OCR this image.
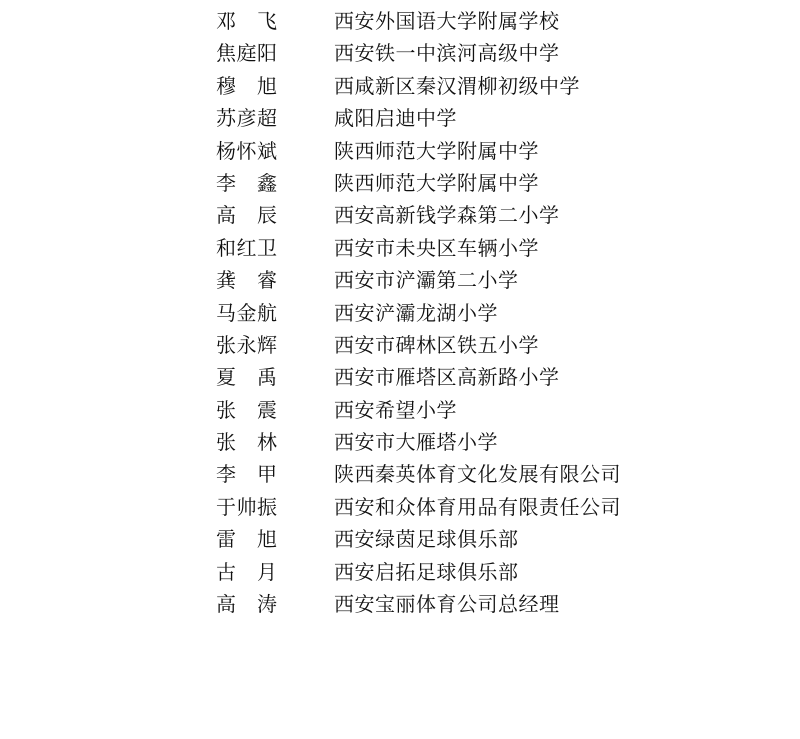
邓　飞	西安外国语大学附属学校
焦庭阳	西安铁一中滨河高级中学
穆　旭	西咸新区秦汉渭柳初级中学
苏彦超	咸阳启迪中学
杨怀斌	陕西师范大学附属中学
李　鑫	陕西师范大学附属中学
高　辰	西安高新钱学森第二小学
和红卫	西安市未央区车辆小学
龚　睿	西安市浐灞第二小学
马金航	西安浐灞龙湖小学
张永辉	西安市碑林区铁五小学
夏　禹	西安市雁塔区高新路小学
张　震	西安希望小学
张　林	西安市大雁塔小学
李　甲	陕西秦英体育文化发展有限公司
于帅振	西安和众体育用品有限责任公司
雷　旭	西安绿茵足球俱乐部
古　月	西安启拓足球俱乐部
高　涛	西安宝丽体育公司总经理
